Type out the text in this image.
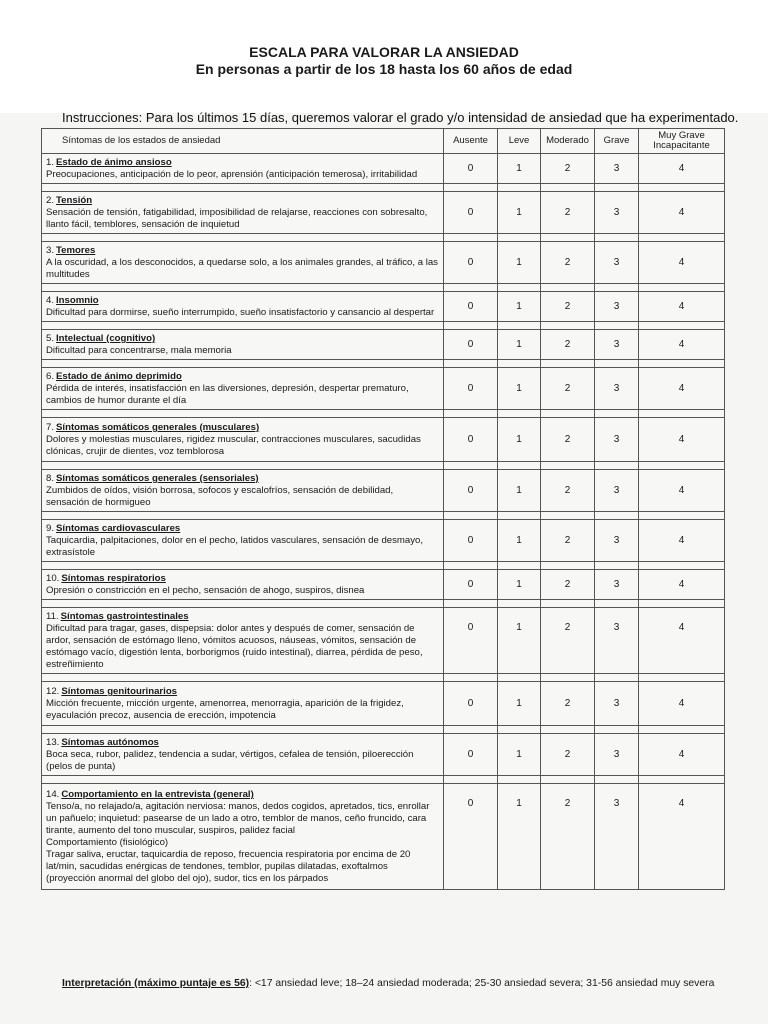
ESCALA PARA VALORAR LA ANSIEDAD
En personas a partir de los 18 hasta los 60 años de edad
Instrucciones: Para los últimos 15 días, queremos valorar el grado y/o intensidad de ansiedad que ha experimentado.
Síntomas de los estados de ansiedad	Ausente	Leve	Moderado	Grave	Muy Grave Incapacitante

1. Estado de ánimo ansioso
Preocupaciones, anticipación de lo peor, aprensión (anticipación temerosa), irritabilidad	0	1	2	3	4

2. Tensión
Sensación de tensión, fatigabilidad, imposibilidad de relajarse, reacciones con sobresalto, llanto fácil, temblores, sensación de inquietud	0	1	2	3	4

3. Temores
A la oscuridad, a los desconocidos, a quedarse solo, a los animales grandes, al tráfico, a las multitudes	0	1	2	3	4

4. Insomnio
Dificultad para dormirse, sueño interrumpido, sueño insatisfactorio y cansancio al despertar	0	1	2	3	4

5. Intelectual (cognitivo)
Dificultad para concentrarse, mala memoria	0	1	2	3	4

6. Estado de ánimo deprimido
Pérdida de interés, insatisfacción en las diversiones, depresión, despertar prematuro, cambios de humor durante el día	0	1	2	3	4

7. Síntomas somáticos generales (musculares)
Dolores y molestias musculares, rigidez muscular, contracciones musculares, sacudidas clónicas, crujir de dientes, voz temblorosa	0	1	2	3	4

8. Síntomas somáticos generales (sensoriales)
Zumbidos de oídos, visión borrosa, sofocos y escalofríos, sensación de debilidad, sensación de hormigueo	0	1	2	3	4

9. Síntomas cardiovasculares
Taquicardia, palpitaciones, dolor en el pecho, latidos vasculares, sensación de desmayo, extrasístole	0	1	2	3	4

10. Síntomas respiratorios
Opresión o constricción en el pecho, sensación de ahogo, suspiros, disnea	0	1	2	3	4

11. Síntomas gastrointestinales
Dificultad para tragar, gases, dispepsia: dolor antes y después de comer, sensación de ardor, sensación de estómago lleno, vómitos acuosos, náuseas, vómitos, sensación de estómago vacío, digestión lenta, borborigmos (ruido intestinal), diarrea, pérdida de peso, estreñimiento	0	1	2	3	4

12. Síntomas genitourinarios
Micción frecuente, micción urgente, amenorrea, menorragia, aparición de la frigidez, eyaculación precoz, ausencia de erección, impotencia	0	1	2	3	4

13. Síntomas autónomos
Boca seca, rubor, palidez, tendencia a sudar, vértigos, cefalea de tensión, piloerección (pelos de punta)	0	1	2	3	4

14. Comportamiento en la entrevista (general)
Tenso/a, no relajado/a, agitación nerviosa: manos, dedos cogidos, apretados, tics, enrollar un pañuelo; inquietud: pasearse de un lado a otro, temblor de manos, ceño fruncido, cara tirante, aumento del tono muscular, suspiros, palidez facial
Comportamiento (fisiológico)
Tragar saliva, eructar, taquicardia de reposo, frecuencia respiratoria por encima de 20 lat/min, sacudidas enérgicas de tendones, temblor, pupilas dilatadas, exoftalmos (proyección anormal del globo del ojo), sudor, tics en los párpados	0	1	2	3	4
Interpretación (máximo puntaje es 56): <17 ansiedad leve; 18–24 ansiedad moderada; 25-30 ansiedad severa; 31-56 ansiedad muy severa
